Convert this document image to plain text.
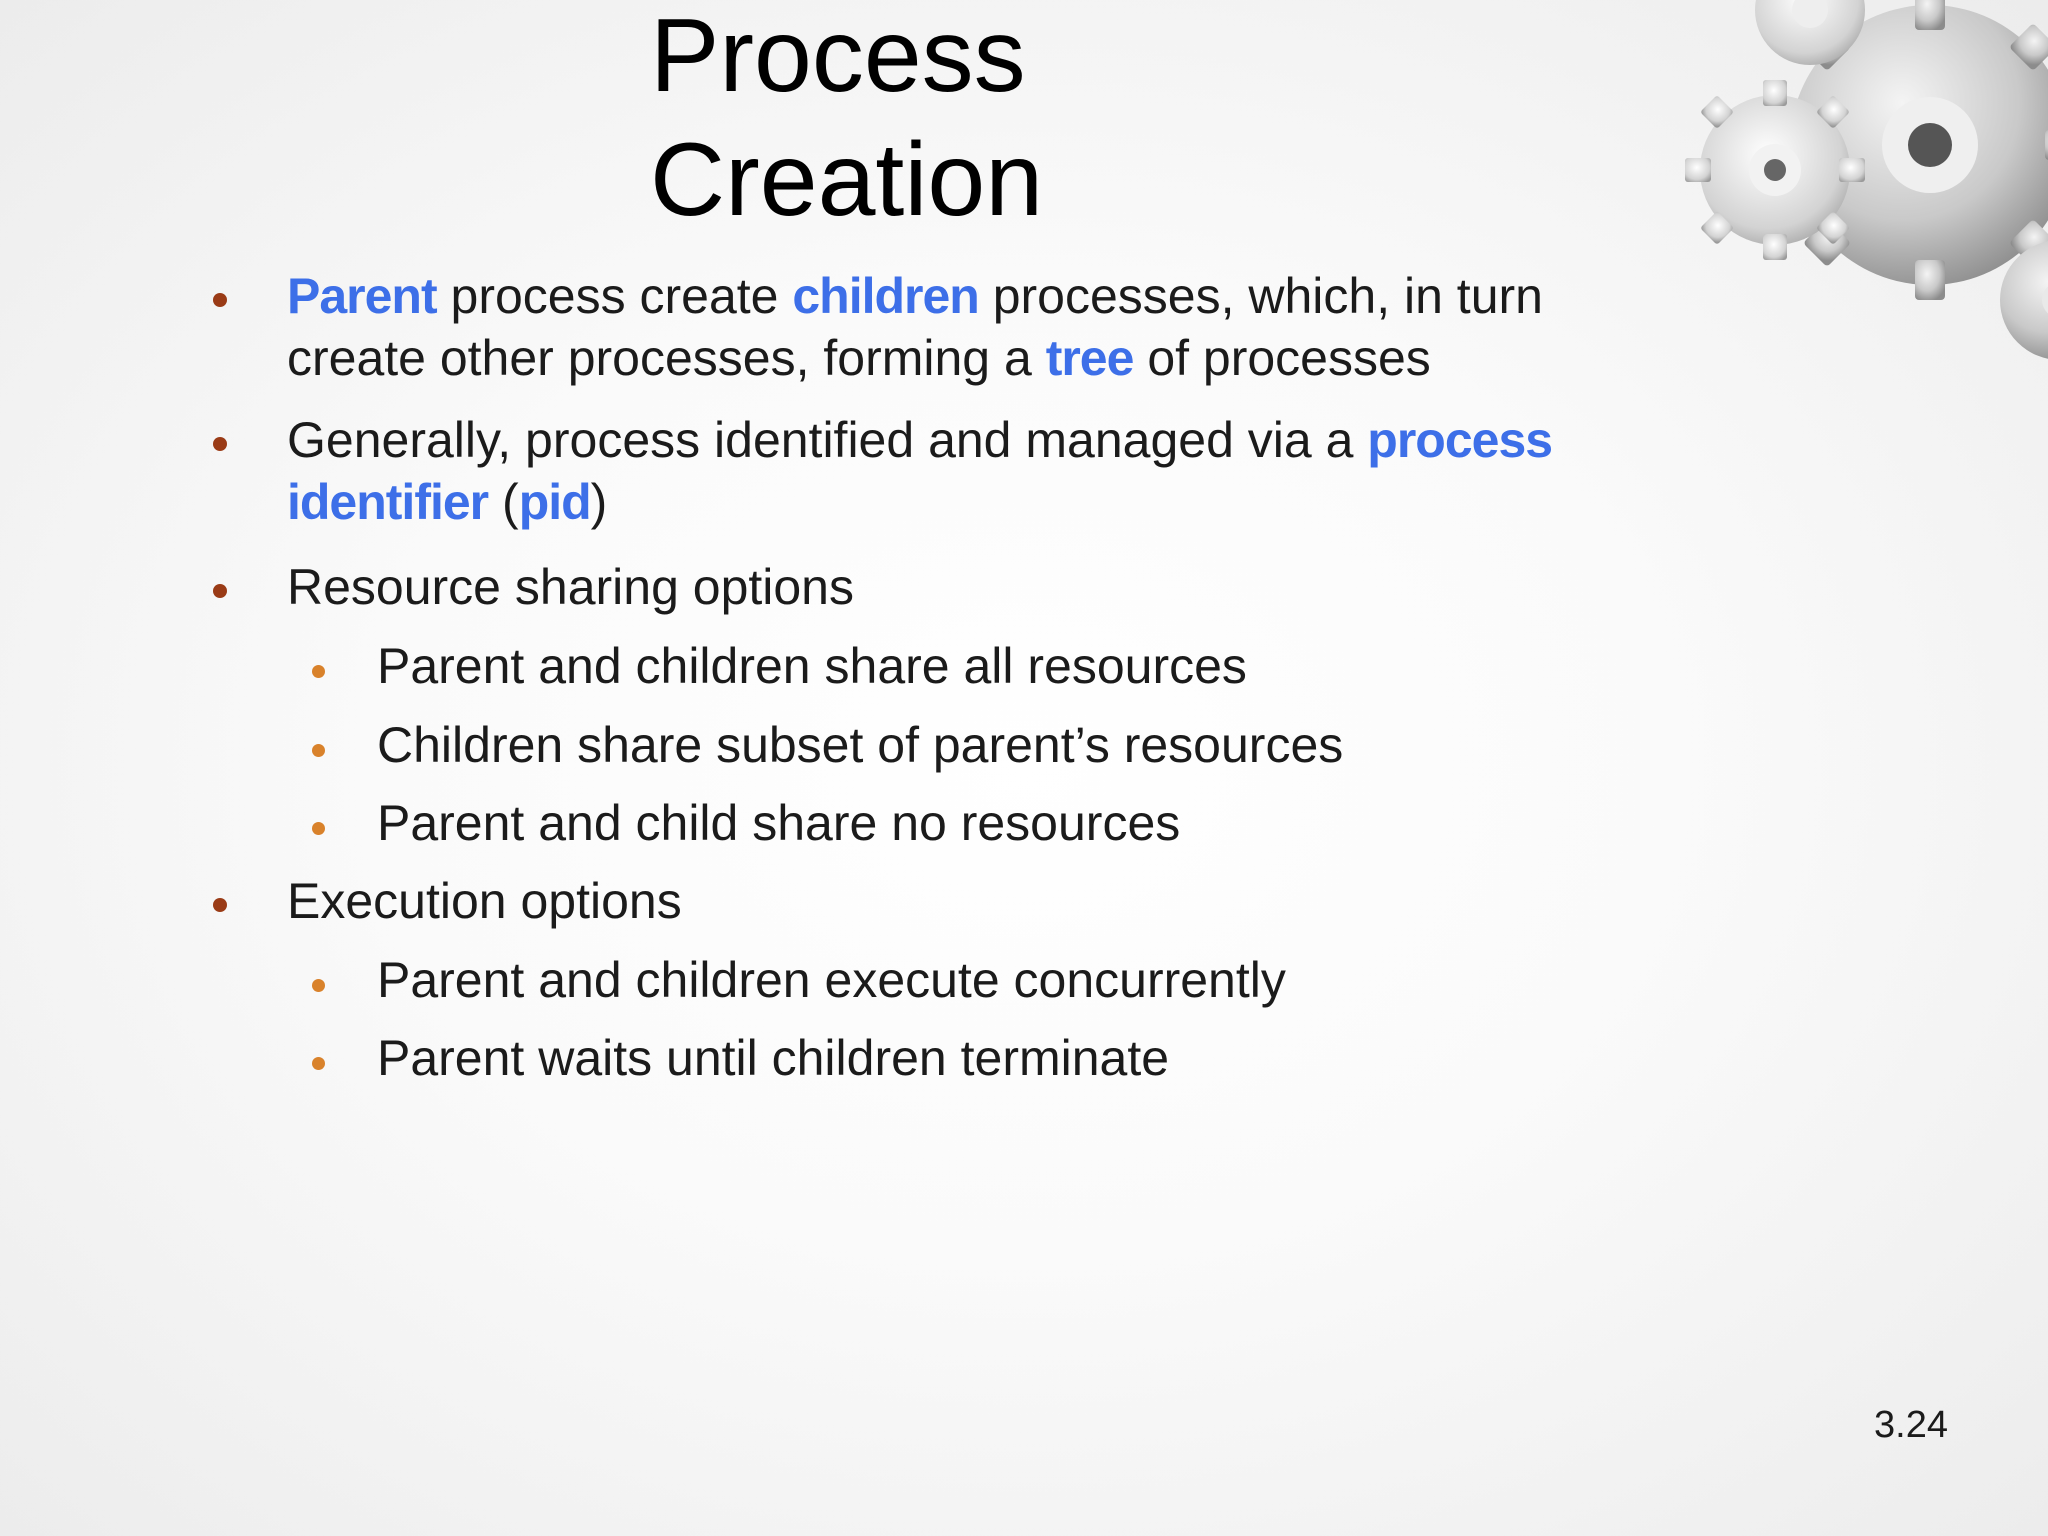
Process
Creation
Parent process create children processes, which, in turn create other processes, forming a tree of processes
Generally, process identified and managed via a process identifier (pid)
Resource sharing options
Parent and children share all resources
Children share subset of parent’s resources
Parent and child share no resources
Execution options
Parent and children execute concurrently
Parent waits until children terminate
3.24
